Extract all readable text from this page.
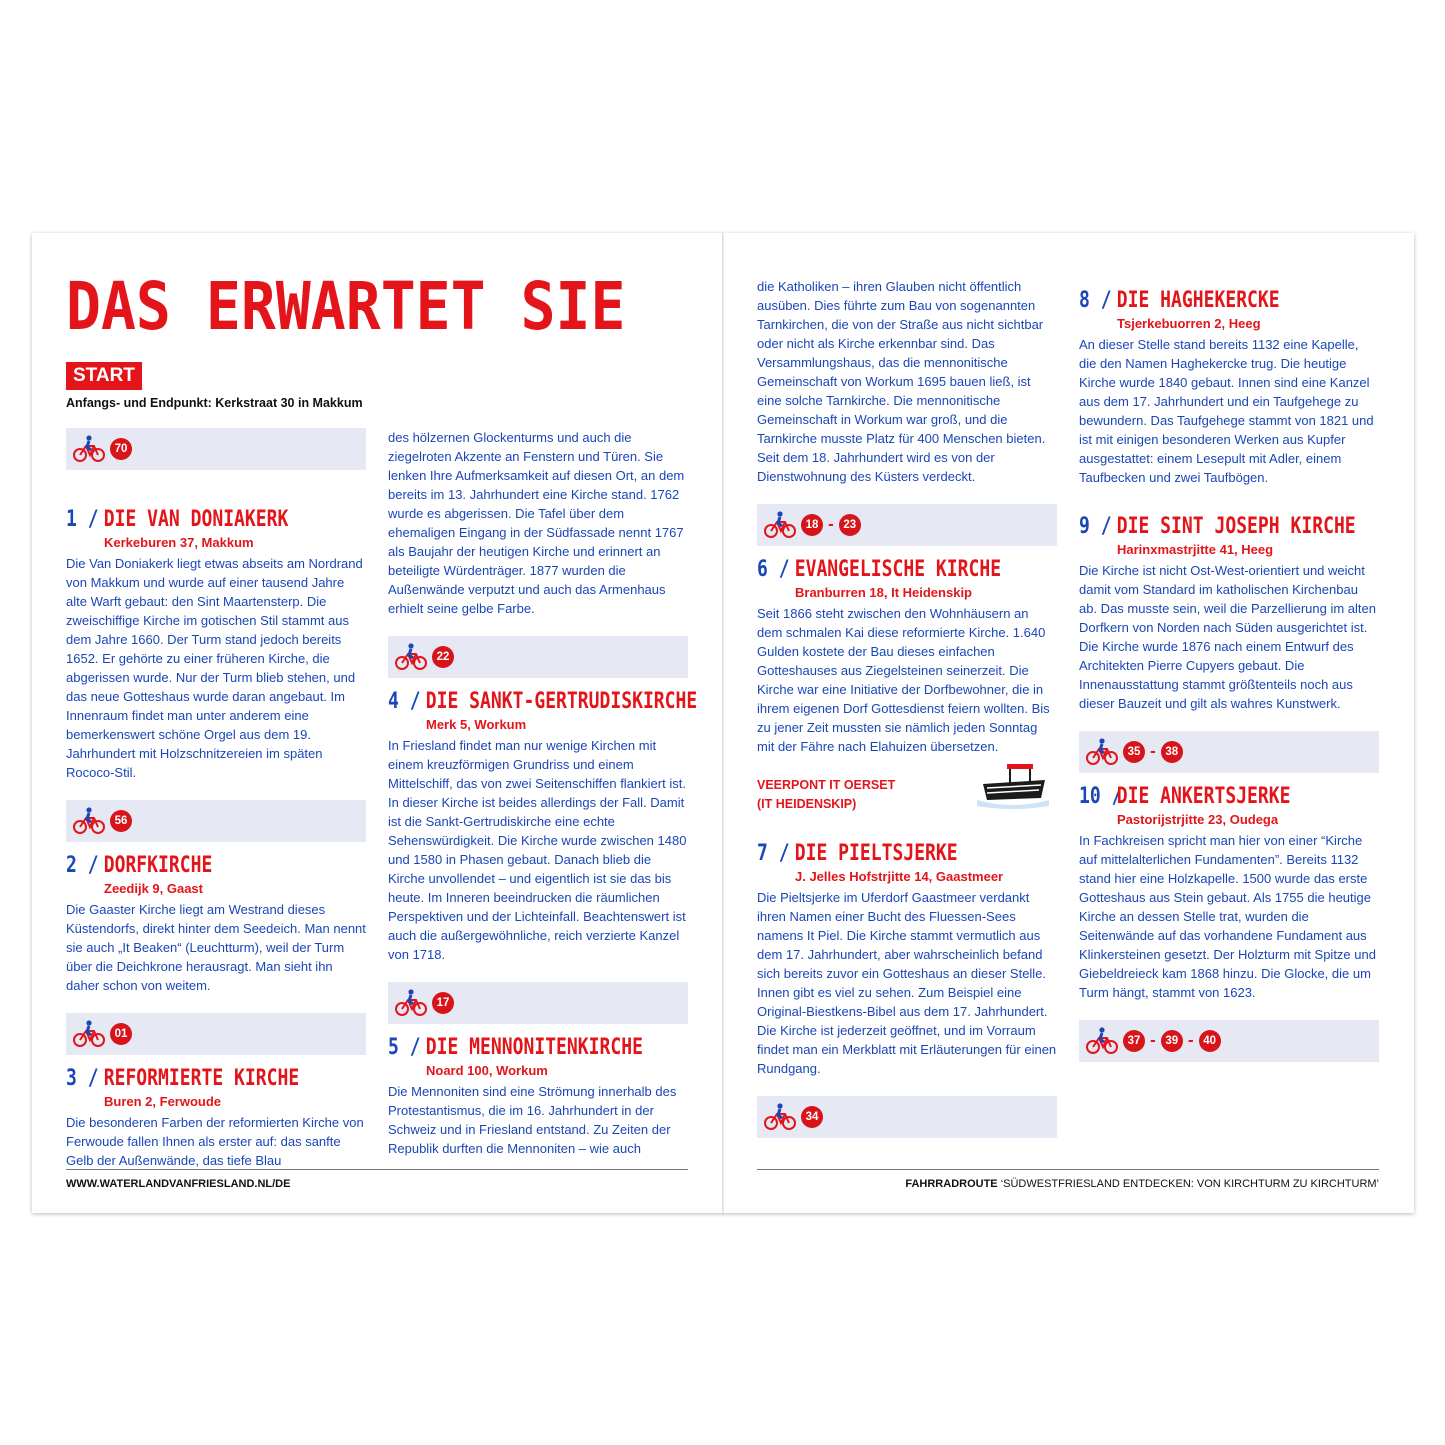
DAS ERWARTET SIE
START
Anfangs- und Endpunkt: Kerkstraat 30 in Makkum
70
1 / DIE VAN DONIAKERK
Kerkeburen 37, Makkum

Die Van Doniakerk liegt etwas abseits am Nordrand von Makkum und wurde auf einer tausend Jahre alte Warft gebaut: den Sint Maartensterp. Die zweischiffige Kirche im gotischen Stil stammt aus dem Jahre 1660. Der Turm stand jedoch bereits 1652. Er gehörte zu einer früheren Kirche, die abgerissen wurde. Nur der Turm blieb stehen, und das neue Gotteshaus wurde daran angebaut. Im Innenraum findet man unter anderem eine bemerkenswert schöne Orgel aus dem 19. Jahrhundert mit Holzschnitzereien im späten Rococo-Stil.

56
2 / DORFKIRCHE
Zeedijk 9, Gaast

Die Gaaster Kirche liegt am Westrand dieses Küstendorfs, direkt hinter dem Seedeich. Man nennt sie auch „It Beaken“ (Leuchtturm), weil der Turm über die Deichkrone herausragt. Man sieht ihn daher schon von weitem.

01
3 / REFORMIERTE KIRCHE
Buren 2, Ferwoude

Die besonderen Farben der reformierten Kirche von Ferwoude fallen Ihnen als erster auf: das sanfte Gelb der Außenwände, das tiefe Blau

des hölzernen Glockenturms und auch die ziegelroten Akzente an Fenstern und Türen. Sie lenken Ihre Aufmerksamkeit auf diesen Ort, an dem bereits im 13. Jahrhundert eine Kirche stand. 1762 wurde es abgerissen. Die Tafel über dem ehemaligen Eingang in der Südfassade nennt 1767 als Baujahr der heutigen Kirche und erinnert an beteiligte Würdenträger. 1877 wurden die Außenwände verputzt und auch das Armenhaus erhielt seine gelbe Farbe.

22
4 / DIE SANKT-GERTRUDISKIRCHE
Merk 5, Workum

In Friesland findet man nur wenige Kirchen mit einem kreuzförmigen Grundriss und einem Mittelschiff, das von zwei Seitenschiffen flankiert ist. In dieser Kirche ist beides allerdings der Fall. Damit ist die Sankt-Gertrudiskirche eine echte Sehenswürdigkeit. Die Kirche wurde zwischen 1480 und 1580 in Phasen gebaut. Danach blieb die Kirche unvollendet – und eigentlich ist sie das bis heute. Im Inneren beeindrucken die räumlichen Perspektiven und der Lichteinfall. Beachtenswert ist auch die außergewöhnliche, reich verzierte Kanzel von 1718.

17
5 / DIE MENNONITENKIRCHE
Noard 100, Workum

Die Mennoniten sind eine Strömung innerhalb des Protestantismus, die im 16. Jahrhundert in der Schweiz und in Friesland entstand. Zu Zeiten der Republik durften die Mennoniten – wie auch

die Katholiken – ihren Glauben nicht öffentlich ausüben. Dies führte zum Bau von sogenannten Tarnkirchen, die von der Straße aus nicht sichtbar oder nicht als Kirche erkennbar sind. Das Versammlungshaus, das die mennonitische Gemeinschaft von Workum 1695 bauen ließ, ist eine solche Tarnkirche. Die mennonitische Gemeinschaft in Workum war groß, und die Tarnkirche musste Platz für 400 Menschen bieten. Seit dem 18. Jahrhundert wird es von der Dienstwohnung des Küsters verdeckt.

18 - 23
6 / EVANGELISCHE KIRCHE
Branburren 18, It Heidenskip

Seit 1866 steht zwischen den Wohnhäusern an dem schmalen Kai diese reformierte Kirche. 1.640 Gulden kostete der Bau dieses einfachen Gotteshauses aus Ziegelsteinen seinerzeit. Die Kirche war eine Initiative der Dorfbewohner, die in ihrem eigenen Dorf Gottesdienst feiern wollten. Bis zu jener Zeit mussten sie nämlich jeden Sonntag mit der Fähre nach Elahuizen übersetzen.

VEERPONT IT OERSET
(IT HEIDENSKIP)
7 / DIE PIELTSJERKE
J. Jelles Hofstrjitte 14, Gaastmeer

Die Pieltsjerke im Uferdorf Gaastmeer verdankt ihren Namen einer Bucht des Fluessen-Sees namens It Piel. Die Kirche stammt vermutlich aus dem 17. Jahrhundert, aber wahrscheinlich befand sich bereits zuvor ein Gotteshaus an dieser Stelle. Innen gibt es viel zu sehen. Zum Beispiel eine Original-Biestkens-Bibel aus dem 17. Jahrhundert. Die Kirche ist jederzeit geöffnet, und im Vorraum findet man ein Merkblatt mit Erläuterungen für einen Rundgang.

34
8 / DIE HAGHEKERCKE
Tsjerkebuorren 2, Heeg

An dieser Stelle stand bereits 1132 eine Kapelle, die den Namen Haghekercke trug. Die heutige Kirche wurde 1840 gebaut. Innen sind eine Kanzel aus dem 17. Jahrhundert und ein Taufgehege zu bewundern. Das Taufgehege stammt von 1821 und ist mit einigen besonderen Werken aus Kupfer ausgestattet: einem Lesepult mit Adler, einem Taufbecken und zwei Taufbögen.

9 / DIE SINT JOSEPH KIRCHE
Harinxmastrjitte 41, Heeg

Die Kirche ist nicht Ost-West-orientiert und weicht damit vom Standard im katholischen Kirchenbau ab. Das musste sein, weil die Parzellierung im alten Dorfkern von Norden nach Süden ausgerichtet ist. Die Kirche wurde 1876 nach einem Entwurf des Architekten Pierre Cupyers gebaut. Die Innenausstattung stammt größtenteils noch aus dieser Bauzeit und gilt als wahres Kunstwerk.

35 - 38
10 /DIE ANKERTSJERKE
Pastorijstrjitte 23, Oudega

In Fachkreisen spricht man hier von einer “Kirche auf mittelalterlichen Fundamenten”. Bereits 1132 stand hier eine Holzkapelle. 1500 wurde das erste Gotteshaus aus Stein gebaut. Als 1755 die heutige Kirche an dessen Stelle trat, wurden die Seitenwände auf das vorhandene Fundament aus Klinkersteinen gesetzt. Der Holzturm mit Spitze und Giebeldreieck kam 1868 hinzu. Die Glocke, die um Turm hängt, stammt von 1623.

37 - 39 - 40
WWW.WATERLANDVANFRIESLAND.NL/DE	FAHRRADROUTE ‘SÜDWESTFRIESLAND ENTDECKEN: VON KIRCHTURM ZU KIRCHTURM’
